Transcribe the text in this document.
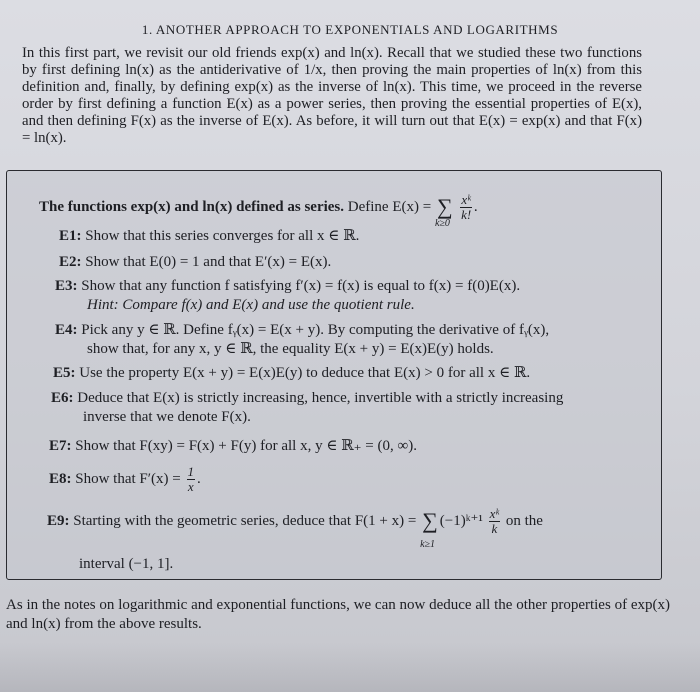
1. ANOTHER APPROACH TO EXPONENTIALS AND LOGARITHMS
In this first part, we revisit our old friends exp(x) and ln(x). Recall that we studied these two functions by first defining ln(x) as the antiderivative of 1/x, then proving the main properties of ln(x) from this definition and, finally, by defining exp(x) as the inverse of ln(x). This time, we proceed in the reverse order by first defining a function E(x) as a power series, then proving the essential properties of E(x), and then defining F(x) as the inverse of E(x). As before, it will turn out that E(x) = exp(x) and that F(x) = ln(x).
The functions exp(x) and ln(x) defined as series. Define E(x) = ∑
k≥0

$\frac{\text{xᵏ}}{k!}$ .
E1: Show that this series converges for all x ∈ ℝ.
E2: Show that E(0) = 1 and that E′(x) = E(x).
E3: Show that any function f satisfying f′(x) = f(x) is equal to f(x) = f(0)E(x).
Hint: Compare f(x) and E(x) and use the quotient rule.
E4: Pick any y ∈ ℝ. Define fᵧ(x) = E(x + y). By computing the derivative of fᵧ(x),
show that, for any x, y ∈ ℝ, the equality E(x + y) = E(x)E(y) holds.
E5: Use the property E(x + y) = E(x)E(y) to deduce that E(x) > 0 for all x ∈ ℝ.
E6: Deduce that E(x) is strictly increasing, hence, invertible with a strictly increasing
inverse that we denote F(x).
E7: Show that F(xy) = F(x) + F(y) for all x, y ∈ ℝ₊ = (0, ∞).
E8: Show that $F'(x) = \frac{1}{x}$ .
E9: Starting with the geometric series, deduce that F(1 + x) = ∑
k≥1
(−1)ᵏ⁺¹ $\frac{\text{xᵏ}}{k}$ on the
interval (−1, 1].
As in the notes on logarithmic and exponential functions, we can now deduce all the other properties of exp(x) and ln(x) from the above results.
